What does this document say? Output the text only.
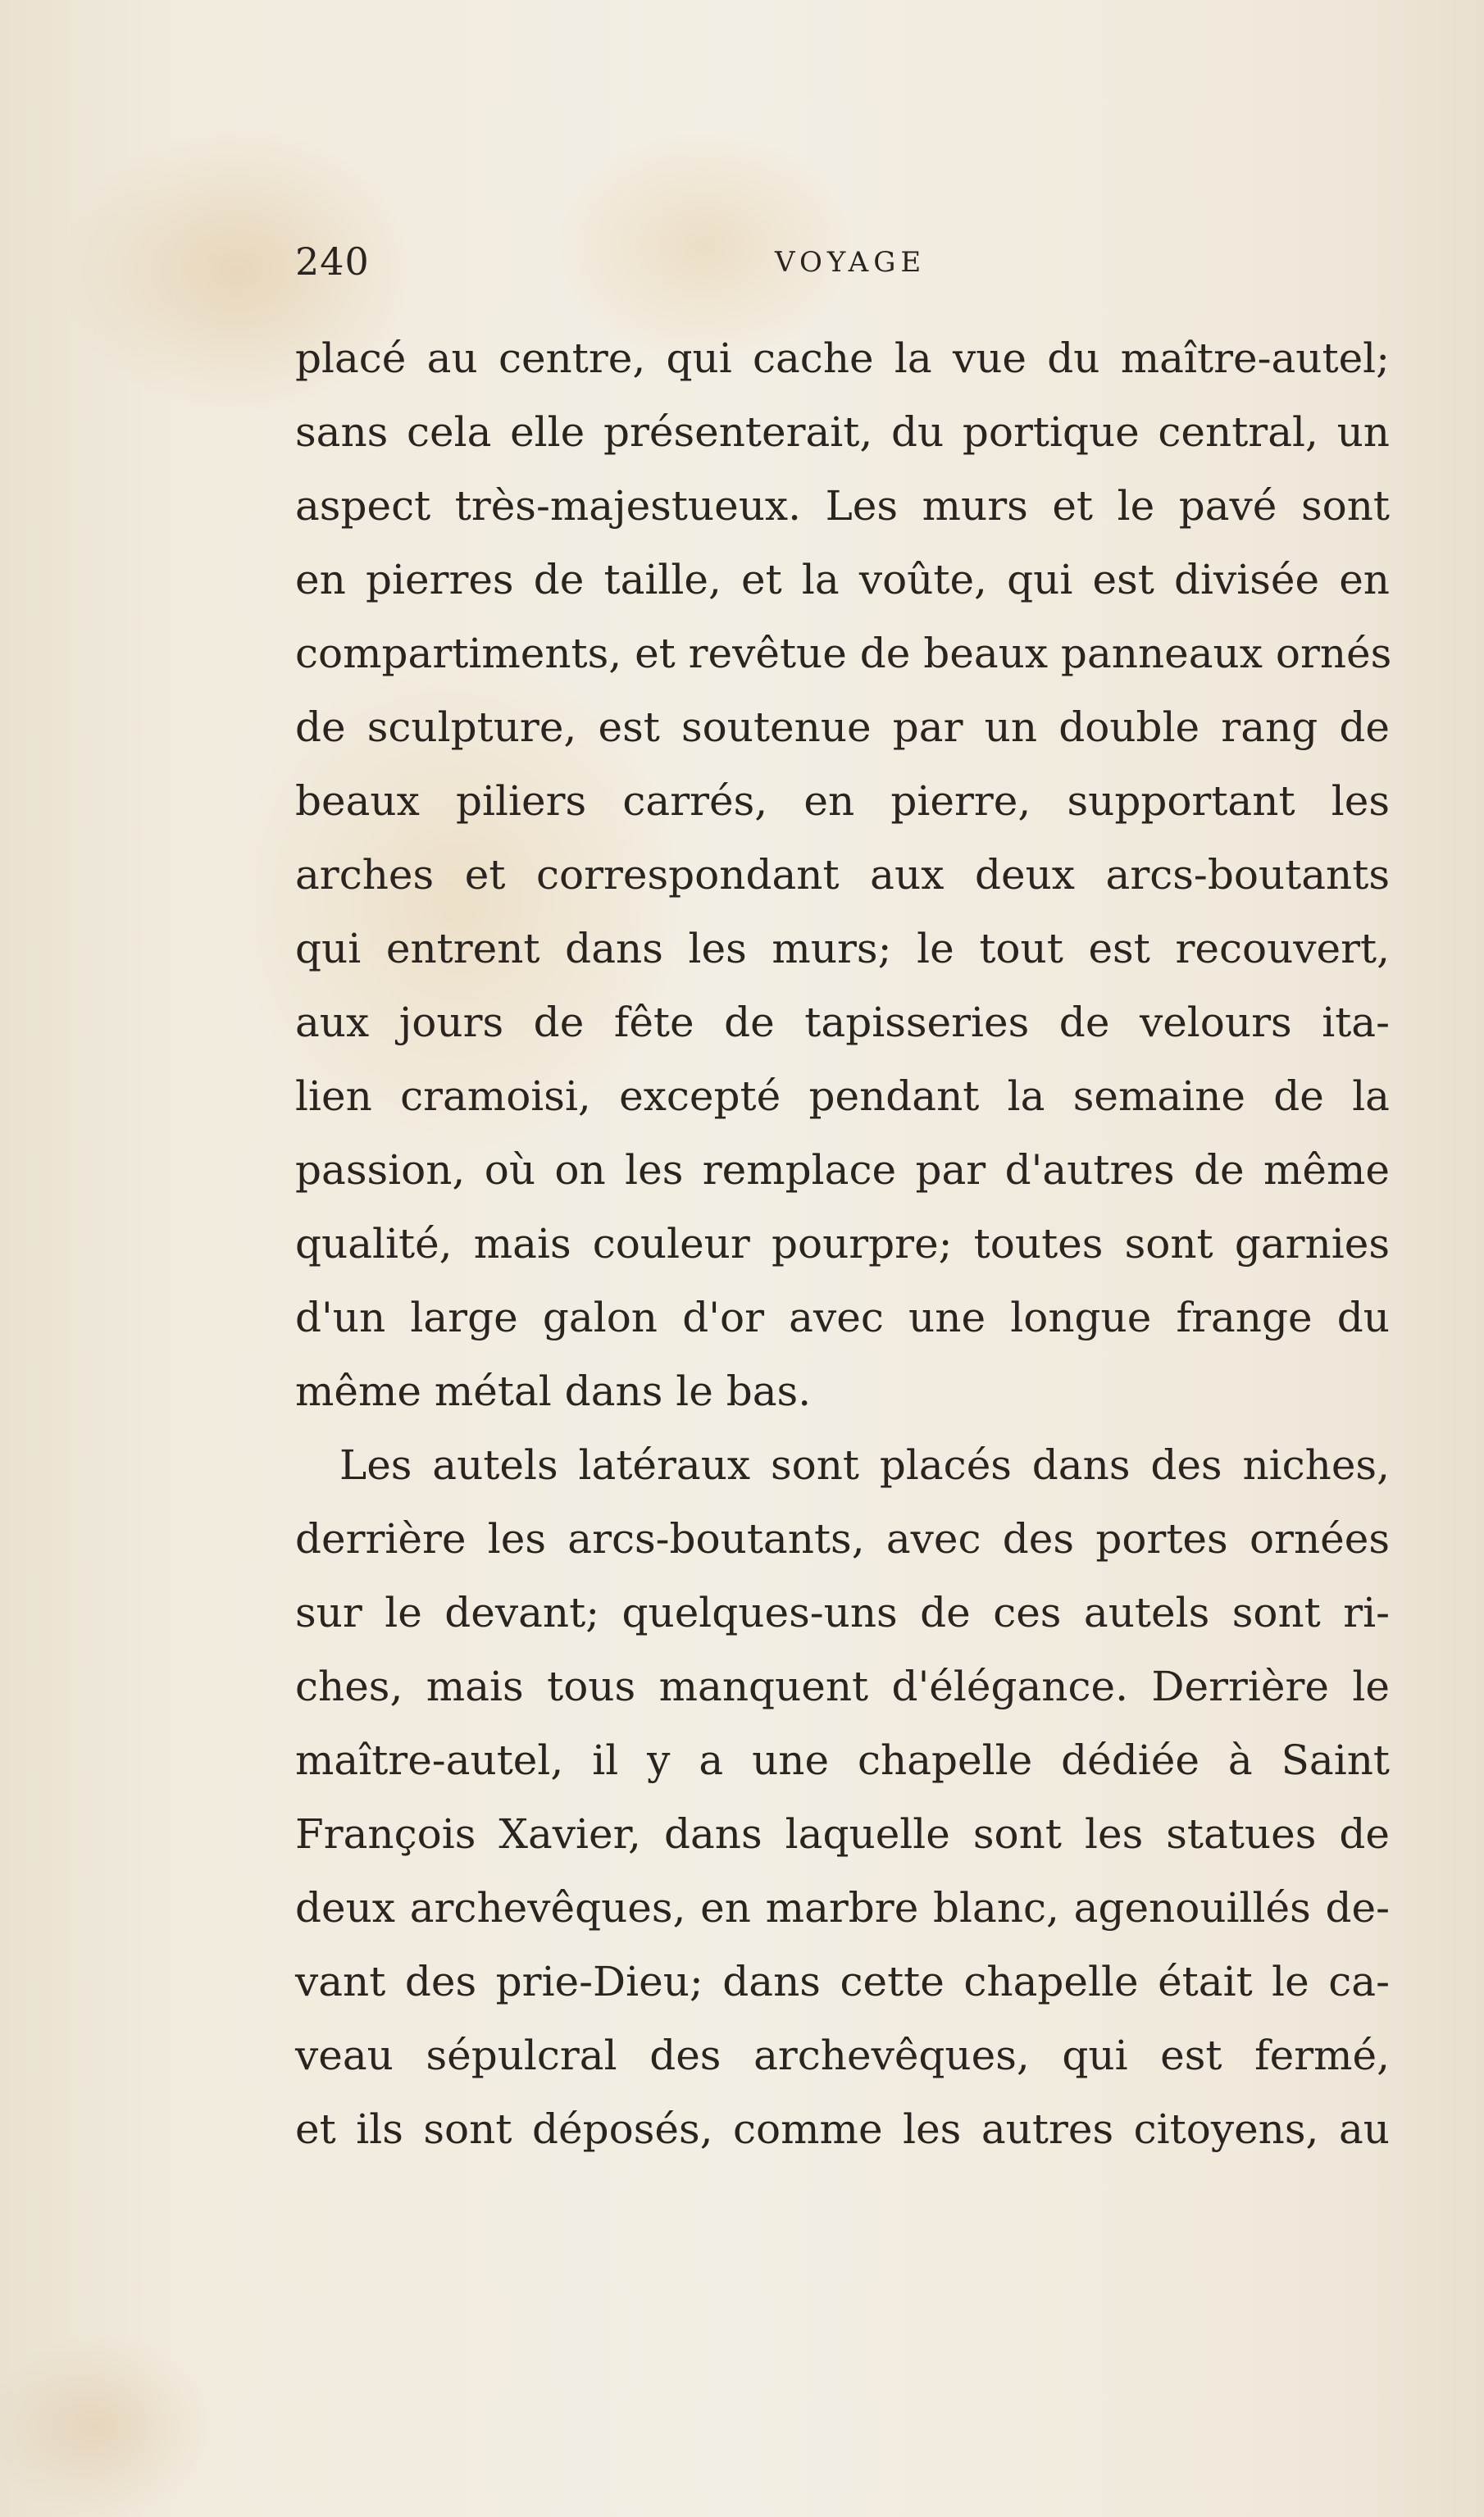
240	VOYAGE
placé au centre, qui cache la vue du maître-autel;
sans cela elle présenterait, du portique central, un
aspect très-majestueux. Les murs et le pavé sont
en pierres de taille, et la voûte, qui est divisée en
compartiments, et revêtue de beaux panneaux ornés
de sculpture, est soutenue par un double rang de
beaux piliers carrés, en pierre, supportant les
arches et correspondant aux deux arcs-boutants
qui entrent dans les murs; le tout est recouvert,
aux jours de fête de tapisseries de velours ita-
lien cramoisi, excepté pendant la semaine de la
passion, où on les remplace par d'autres de même
qualité, mais couleur pourpre; toutes sont garnies
d'un large galon d'or avec une longue frange du
même métal dans le bas.
Les autels latéraux sont placés dans des niches,
derrière les arcs-boutants, avec des portes ornées
sur le devant; quelques-uns de ces autels sont ri-
ches, mais tous manquent d'élégance. Derrière le
maître-autel, il y a une chapelle dédiée à Saint
François Xavier, dans laquelle sont les statues de
deux archevêques, en marbre blanc, agenouillés de-
vant des prie-Dieu; dans cette chapelle était le ca-
veau sépulcral des archevêques, qui est fermé,
et ils sont déposés, comme les autres citoyens, au
